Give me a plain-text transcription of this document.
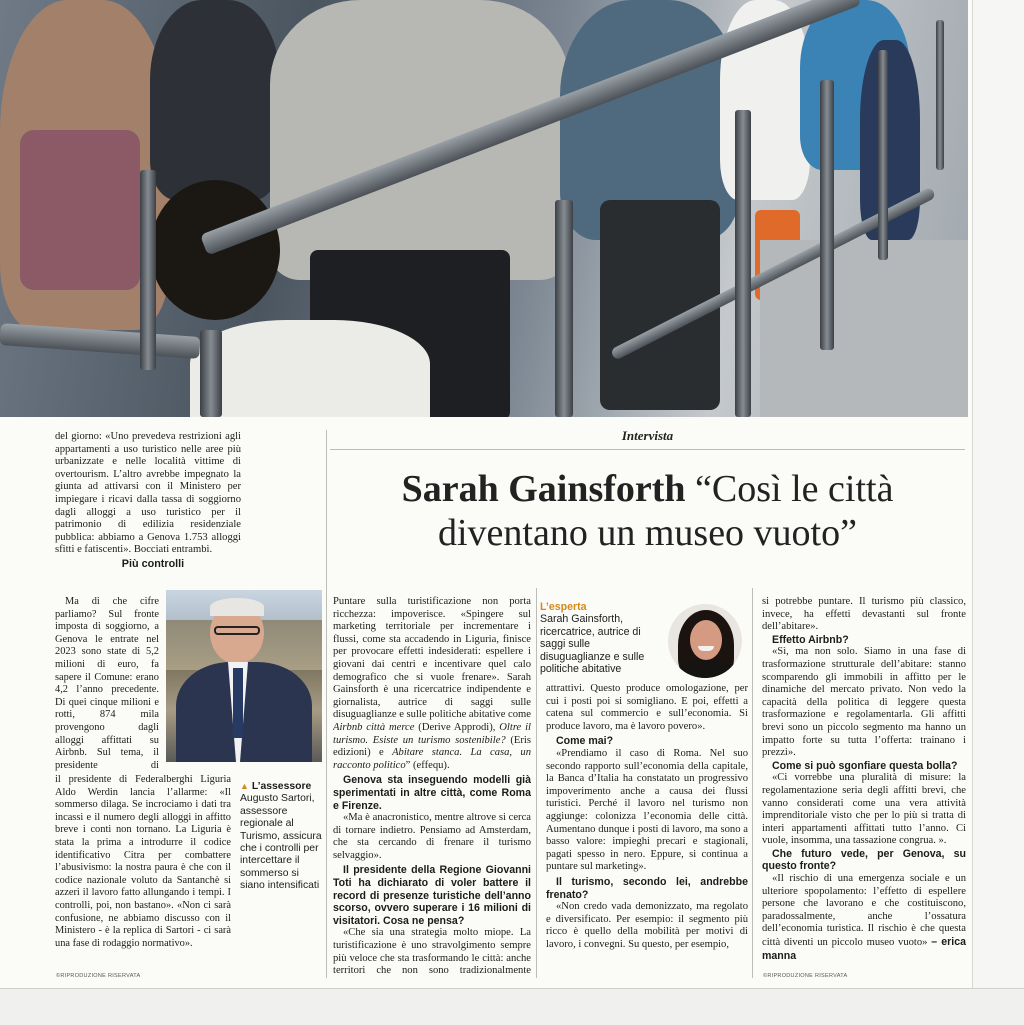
del giorno: «Uno prevedeva restrizioni agli appartamenti a uso turistico nelle aree più urbanizzate e nelle località vittime di overtourism. L’altro avrebbe impegnato la giunta ad attivarsi con il Ministero per impiegare i ricavi dalla tassa di soggiorno dagli alloggi a uso turistico per il patrimonio di edilizia residenziale pubblica: abbiamo a Genova 1.753 alloggi sfitti e fatiscenti». Bocciati entrambi.

Più controlli

Ma di che cifre parliamo? Sul fronte imposta di soggiorno, a Genova le entrate nel 2023 sono state di 5,2 milioni di euro, fa sapere il Comune: erano 4,2 l’anno precedente. Di quei cinque milioni e rotti, 874 mila provengono dagli alloggi affittati su Airbnb. Sul tema, il presidente di

il presidente di Federalberghi Liguria Aldo Werdin lancia l’allarme: «Il sommerso dilaga. Se incrociamo i dati tra incassi e il numero degli alloggi in affitto breve i conti non tornano. La Liguria è stata la prima a introdurre il codice identificativo Citra per combattere l’abusivismo: la nostra paura è che con il codice nazionale voluto da Santanchè si azzeri il lavoro fatto allungando i tempi. I controlli, poi, non bastano». «Non ci sarà confusione, ne abbiamo discusso con il Ministero - è la replica di Sartori - ci sarà una fase di rodaggio normativo».

©RIPRODUZIONE RISERVATA
▲ L’assessore
Augusto Sartori, assessore regionale al Turismo, assicura che i controlli per intercettare il sommerso si siano intensificati
Intervista
Sarah Gainsforth “Così le città
diventano un museo vuoto”

Puntare sulla turistificazione non porta ricchezza: impoverisce. «Spingere sul marketing territoriale per incrementare i flussi, come sta accadendo in Liguria, finisce per provocare effetti indesiderati: espellere i giovani dai centri e incentivare quel calo demografico che si vuole frenare». Sarah Gainsforth è una ricercatrice indipendente e giornalista, autrice di saggi sulle disuguaglianze e sulle politiche abitative come Airbnb città merce (Derive Approdi), Oltre il turismo. Esiste un turismo sostenibile? (Eris edizioni) e Abitare stanca. La casa, un racconto politico” (effequ).

Genova sta inseguendo modelli già sperimentati in altre città, come Roma e Firenze.

«Ma è anacronistico, mentre altrove si cerca di tornare indietro. Pensiamo ad Amsterdam, che sta cercando di frenare il turismo selvaggio».

Il presidente della Regione Giovanni Toti ha dichiarato di voler battere il record di presenze turistiche dell’anno scorso, ovvero superare i 16 milioni di visitatori. Cosa ne pensa?

«Che sia una strategia molto miope. La turistificazione è uno stravolgimento sempre più veloce che sta trasformando le città: anche territori che non sono tradizionalmente

L’esperta
Sarah Gainsforth, ricercatrice, autrice di saggi sulle disuguaglianze e sulle politiche abitative

attrattivi. Questo produce omologazione, per cui i posti poi si somigliano. E poi, effetti a catena sul commercio e sull’economia. Si produce lavoro, ma è lavoro povero».

Come mai?

«Prendiamo il caso di Roma. Nel suo secondo rapporto sull’economia della capitale, la Banca d’Italia ha constatato un progressivo impoverimento anche a causa dei flussi turistici. Perché il lavoro nel turismo non aggiunge: colonizza l’economia delle città. Aumentano dunque i posti di lavoro, ma sono a basso valore: impieghi precari e stagionali, pagati spesso in nero. Eppure, si continua a puntare sul marketing».

Il turismo, secondo lei, andrebbe frenato?

«Non credo vada demonizzato, ma regolato e diversificato. Per esempio: il segmento più ricco è quello della mobilità per motivi di lavoro, i convegni. Su questo, per esempio,

si potrebbe puntare. Il turismo più classico, invece, ha effetti devastanti sul fronte dell’abitare».

Effetto Airbnb?

«Sì, ma non solo. Siamo in una fase di trasformazione strutturale dell’abitare: stanno scomparendo gli immobili in affitto per le dinamiche del mercato privato. Non vedo la capacità della politica di leggere questa trasformazione e regolamentarla. Gli affitti brevi sono un piccolo segmento ma hanno un impatto forte su tutta l’offerta: trainano i prezzi».

Come si può sgonfiare questa bolla?

«Ci vorrebbe una pluralità di misure: la regolamentazione seria degli affitti brevi, che vanno considerati come una vera attività imprenditoriale visto che per lo più si tratta di interi appartamenti affittati tutto l’anno. Ci vuole, insomma, una tassazione congrua. ».

Che futuro vede, per Genova, su questo fronte?

«Il rischio di una emergenza sociale e un ulteriore spopolamento: l’effetto di espellere persone che lavorano e che costituiscono, paradossalmente, anche l’ossatura dell’economia turistica. Il rischio è che questa città diventi un piccolo museo vuoto» – erica manna

©RIPRODUZIONE RISERVATA
